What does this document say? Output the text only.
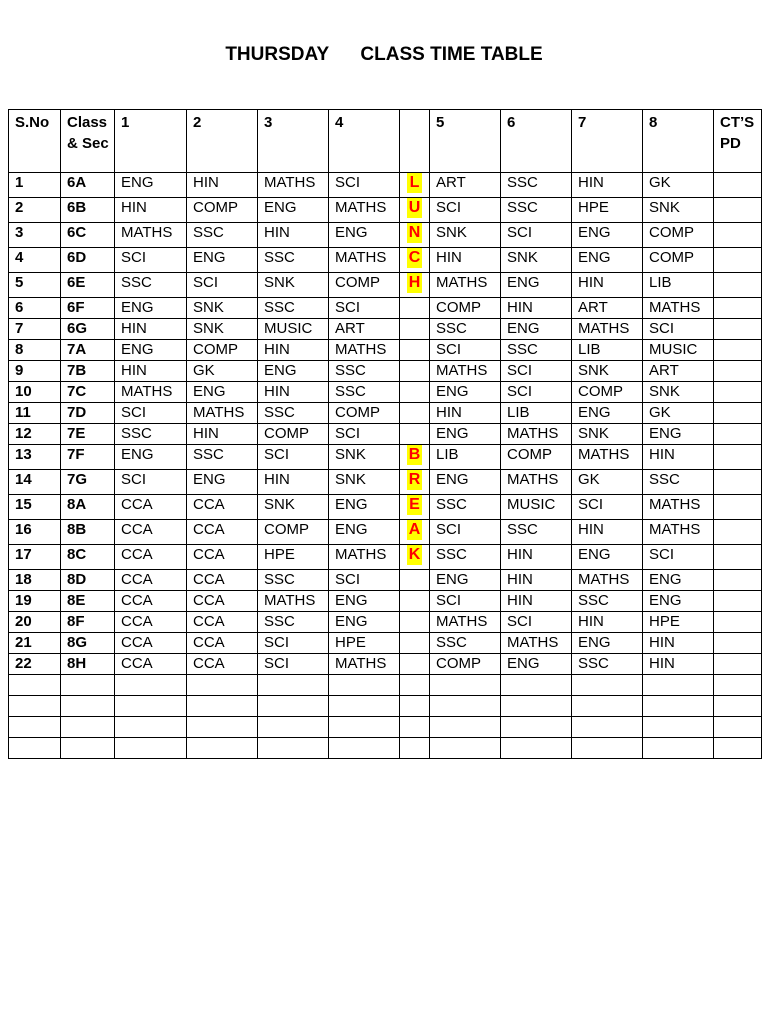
THURSDAY CLASS TIME TABLE
S.No	Class & Sec	1	2	3	4		5	6	7	8	CT’S PD
1	6A	ENG	HIN	MATHS	SCI	L	ART	SSC	HIN	GK	
2	6B	HIN	COMP	ENG	MATHS	U	SCI	SSC	HPE	SNK	
3	6C	MATHS	SSC	HIN	ENG	N	SNK	SCI	ENG	COMP	
4	6D	SCI	ENG	SSC	MATHS	C	HIN	SNK	ENG	COMP	
5	6E	SSC	SCI	SNK	COMP	H	MATHS	ENG	HIN	LIB	
6	6F	ENG	SNK	SSC	SCI		COMP	HIN	ART	MATHS	
7	6G	HIN	SNK	MUSIC	ART		SSC	ENG	MATHS	SCI	
8	7A	ENG	COMP	HIN	MATHS		SCI	SSC	LIB	MUSIC	
9	7B	HIN	GK	ENG	SSC		MATHS	SCI	SNK	ART	
10	7C	MATHS	ENG	HIN	SSC		ENG	SCI	COMP	SNK	
11	7D	SCI	MATHS	SSC	COMP		HIN	LIB	ENG	GK	
12	7E	SSC	HIN	COMP	SCI		ENG	MATHS	SNK	ENG	
13	7F	ENG	SSC	SCI	SNK	B	LIB	COMP	MATHS	HIN	
14	7G	SCI	ENG	HIN	SNK	R	ENG	MATHS	GK	SSC	
15	8A	CCA	CCA	SNK	ENG	E	SSC	MUSIC	SCI	MATHS	
16	8B	CCA	CCA	COMP	ENG	A	SCI	SSC	HIN	MATHS	
17	8C	CCA	CCA	HPE	MATHS	K	SSC	HIN	ENG	SCI	
18	8D	CCA	CCA	SSC	SCI		ENG	HIN	MATHS	ENG	
19	8E	CCA	CCA	MATHS	ENG		SCI	HIN	SSC	ENG	
20	8F	CCA	CCA	SSC	ENG		MATHS	SCI	HIN	HPE	
21	8G	CCA	CCA	SCI	HPE		SSC	MATHS	ENG	HIN	
22	8H	CCA	CCA	SCI	MATHS		COMP	ENG	SSC	HIN	
